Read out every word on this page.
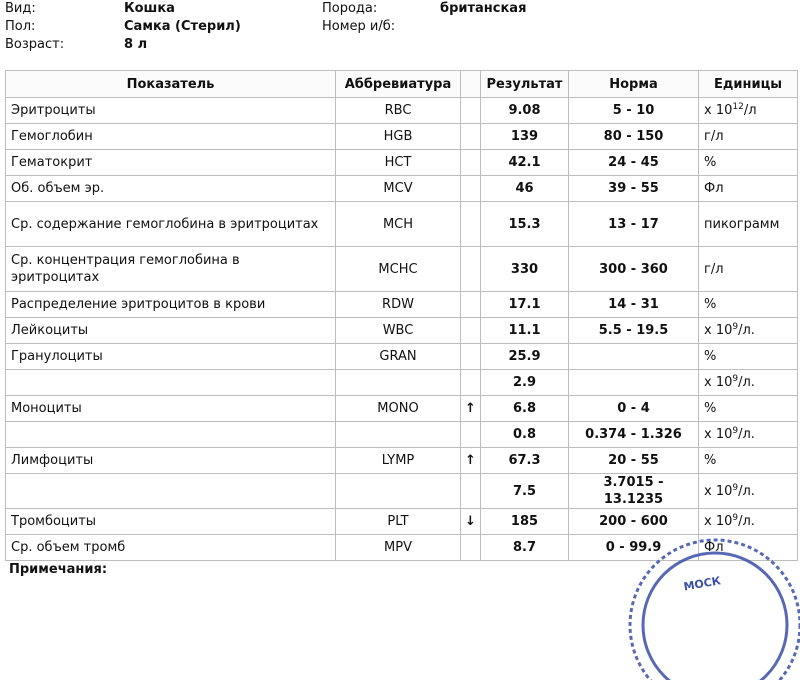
Вид:	Кошка	Порода:	британская
Пол:	Самка (Стерил)	Номер и/б:
Возраст:	8 л
Показатель	Аббревиатура		Результат	Норма	Единицы
Эритроциты	RBC		9.08	5 - 10	x $10^{12}/л$
Гемоглобин	HGB		139	80 - 150	г/л
Гематокрит	HCT		42.1	24 - 45	%
Об. объем эр.	MCV		46	39 - 55	Фл
Ср. содержание гемоглобина в эритроцитах	MCH		15.3	13 - 17	пикограмм
Ср. концентрация гемоглобина в эритроцитах	MCHC		330	300 - 360	г/л
Распределение эритроцитов в крови	RDW		17.1	14 - 31	%
Лейкоциты	WBC		11.1	5.5 - 19.5	x $10^9/л$.
Гранулоциты	GRAN		25.9		%
			2.9		x $10^9/л$.
Моноциты	MONO	↑	6.8	0 - 4	%
			0.8	0.374 - 1.326	x $10^9/л$.
Лимфоциты	LYMP	↑	67.3	20 - 55	%
			7.5	3.7015 - 13.1235	x $10^9/л$.
Тромбоциты	PLT	↓	185	200 - 600	x $10^9/л$.
Ср. объем тромб	MPV		8.7	0 - 99.9	Фл
Примечания:
МОСК
